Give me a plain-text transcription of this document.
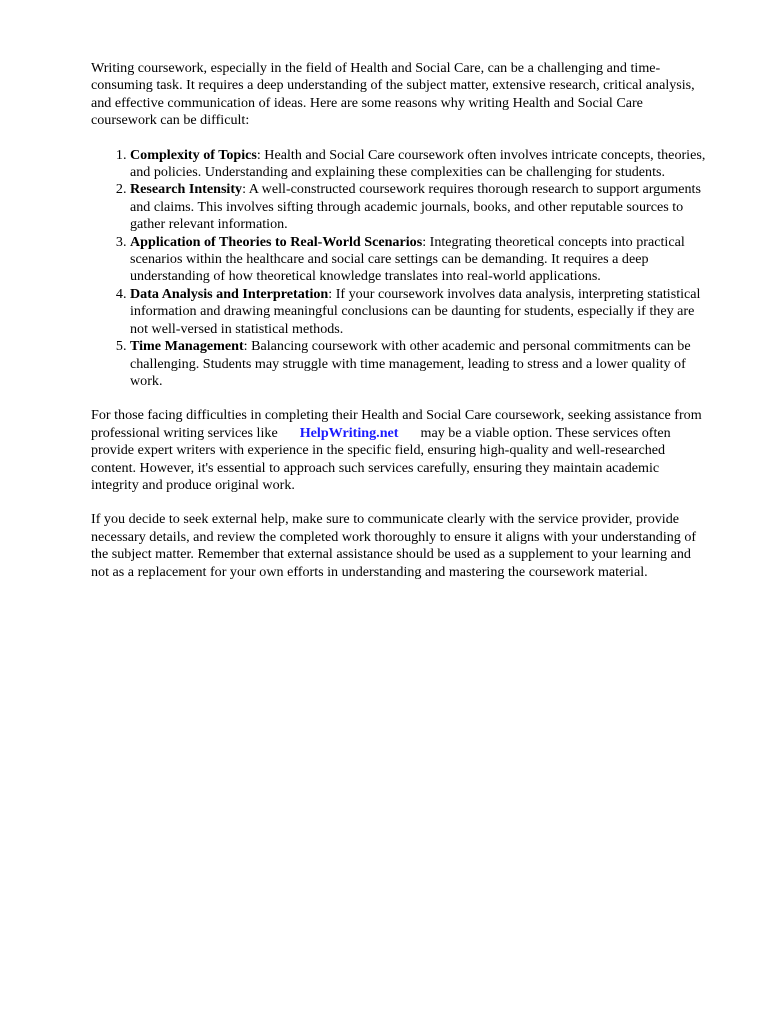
Writing coursework, especially in the field of Health and Social Care, can be a challenging and time-consuming task. It requires a deep understanding of the subject matter, extensive research, critical analysis, and effective communication of ideas. Here are some reasons why writing Health and Social Care coursework can be difficult:

1. Complexity of Topics: Health and Social Care coursework often involves intricate concepts, theories, and policies. Understanding and explaining these complexities can be challenging for students.
2. Research Intensity: A well-constructed coursework requires thorough research to support arguments and claims. This involves sifting through academic journals, books, and other reputable sources to gather relevant information.
3. Application of Theories to Real-World Scenarios: Integrating theoretical concepts into practical scenarios within the healthcare and social care settings can be demanding. It requires a deep understanding of how theoretical knowledge translates into real-world applications.
4. Data Analysis and Interpretation: If your coursework involves data analysis, interpreting statistical information and drawing meaningful conclusions can be daunting for students, especially if they are not well-versed in statistical methods.
5. Time Management: Balancing coursework with other academic and personal commitments can be challenging. Students may struggle with time management, leading to stress and a lower quality of work.

For those facing difficulties in completing their Health and Social Care coursework, seeking assistance from professional writing services like HelpWriting.net may be a viable option. These services often provide expert writers with experience in the specific field, ensuring high-quality and well-researched content. However, it's essential to approach such services carefully, ensuring they maintain academic integrity and produce original work.

If you decide to seek external help, make sure to communicate clearly with the service provider, provide necessary details, and review the completed work thoroughly to ensure it aligns with your understanding of the subject matter. Remember that external assistance should be used as a supplement to your learning and not as a replacement for your own efforts in understanding and mastering the coursework material.
